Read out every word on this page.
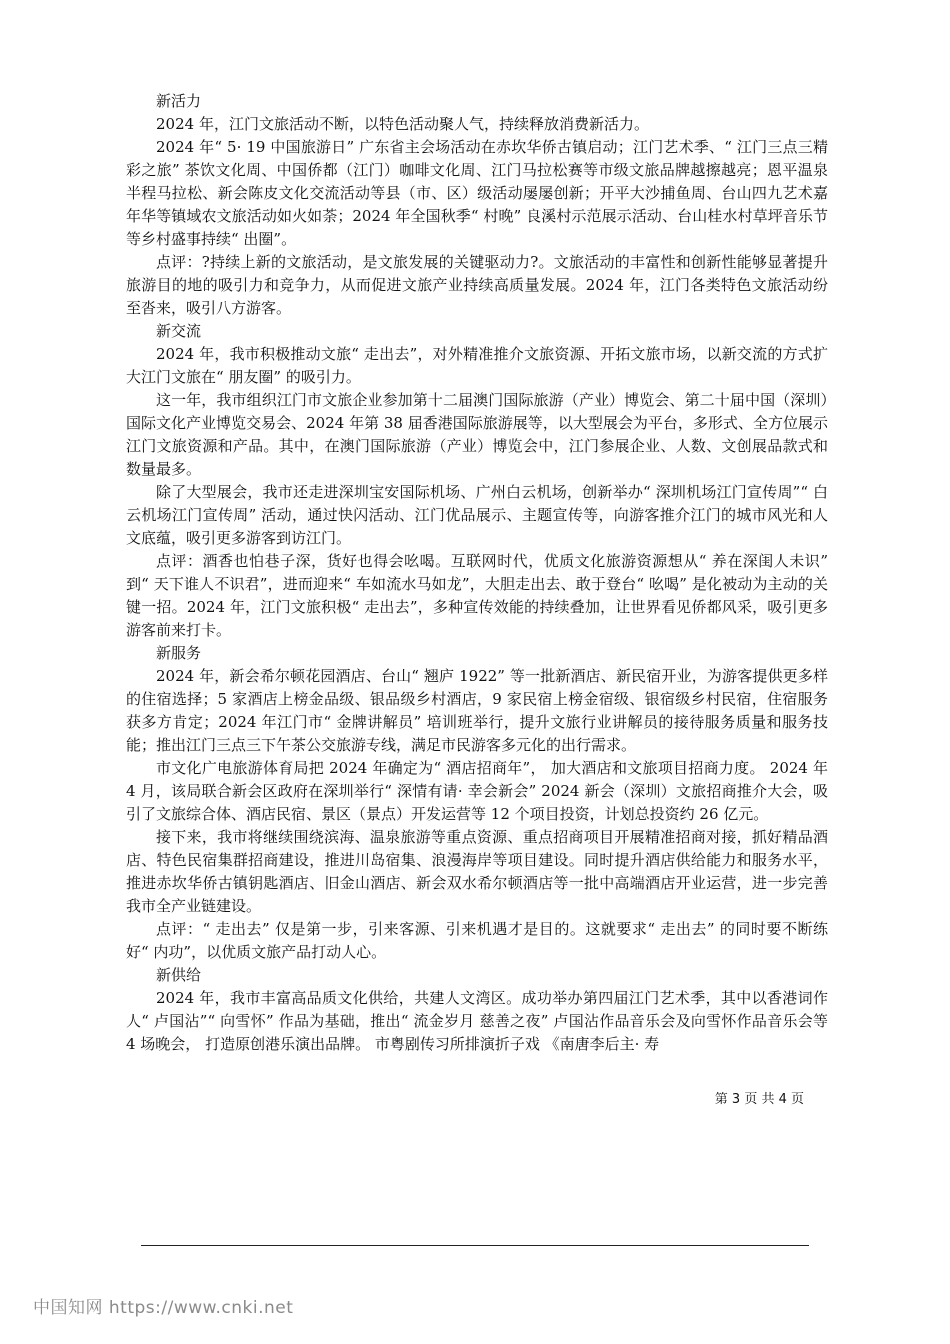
新活力

2024 年，江门文旅活动不断，以特色活动聚人气，持续释放消费新活力。

2024 年“ 5· 19 中国旅游日” 广东省主会场活动在赤坎华侨古镇启动；江门艺术季、“ 江门三点三精彩之旅” 茶饮文化周、中国侨都（江门）咖啡文化周、江门马拉松赛等市级文旅品牌越擦越亮；恩平温泉半程马拉松、新会陈皮文化交流活动等县（市、区）级活动屡屡创新；开平大沙捕鱼周、台山四九艺术嘉年华等镇域农文旅活动如火如荼；2024 年全国秋季“ 村晚” 良溪村示范展示活动、台山桂水村草坪音乐节等乡村盛事持续“ 出圈”。

点评：?持续上新的文旅活动，是文旅发展的关键驱动力?。文旅活动的丰富性和创新性能够显著提升旅游目的地的吸引力和竞争力，从而促进文旅产业持续高质量发展。2024 年，江门各类特色文旅活动纷至沓来，吸引八方游客。

新交流

2024 年，我市积极推动文旅“ 走出去”，对外精准推介文旅资源、开拓文旅市场，以新交流的方式扩大江门文旅在“ 朋友圈” 的吸引力。

这一年，我市组织江门市文旅企业参加第十二届澳门国际旅游（产业）博览会、第二十届中国（深圳）国际文化产业博览交易会、2024 年第 38 届香港国际旅游展等，以大型展会为平台，多形式、全方位展示江门文旅资源和产品。其中，在澳门国际旅游（产业）博览会中，江门参展企业、人数、文创展品款式和数量最多。

除了大型展会，我市还走进深圳宝安国际机场、广州白云机场，创新举办“ 深圳机场江门宣传周”“ 白云机场江门宣传周” 活动，通过快闪活动、江门优品展示、主题宣传等，向游客推介江门的城市风光和人文底蕴，吸引更多游客到访江门。

点评：酒香也怕巷子深，货好也得会吆喝。互联网时代，优质文化旅游资源想从“ 养在深闺人未识” 到“ 天下谁人不识君”，进而迎来“ 车如流水马如龙”，大胆走出去、敢于登台“ 吆喝” 是化被动为主动的关键一招。2024 年，江门文旅积极“ 走出去”，多种宣传效能的持续叠加，让世界看见侨都风采，吸引更多游客前来打卡。

新服务

2024 年，新会希尔顿花园酒店、台山“ 翘庐 1922” 等一批新酒店、新民宿开业，为游客提供更多样的住宿选择；5 家酒店上榜金品级、银品级乡村酒店，9 家民宿上榜金宿级、银宿级乡村民宿，住宿服务获多方肯定；2024 年江门市“ 金牌讲解员” 培训班举行，提升文旅行业讲解员的接待服务质量和服务技能；推出江门三点三下午茶公交旅游专线，满足市民游客多元化的出行需求。

市文化广电旅游体育局把 2024 年确定为“ 酒店招商年”， 加大酒店和文旅项目招商力度。 2024 年 4 月，该局联合新会区政府在深圳举行“ 深情有请· 幸会新会” 2024 新会（深圳）文旅招商推介大会，吸引了文旅综合体、酒店民宿、景区（景点）开发运营等 12 个项目投资，计划总投资约 26 亿元。

接下来，我市将继续围绕滨海、温泉旅游等重点资源、重点招商项目开展精准招商对接，抓好精品酒店、特色民宿集群招商建设，推进川岛宿集、浪漫海岸等项目建设。同时提升酒店供给能力和服务水平，推进赤坎华侨古镇钥匙酒店、旧金山酒店、新会双水希尔顿酒店等一批中高端酒店开业运营，进一步完善我市全产业链建设。

点评：“ 走出去” 仅是第一步，引来客源、引来机遇才是目的。这就要求“ 走出去” 的同时要不断练好“ 内功”，以优质文旅产品打动人心。

新供给

2024 年，我市丰富高品质文化供给，共建人文湾区。成功举办第四届江门艺术季，其中以香港词作人“ 卢国沾”“ 向雪怀” 作品为基础，推出“ 流金岁月 慈善之夜” 卢国沾作品音乐会及向雪怀作品音乐会等 4 场晚会， 打造原创港乐演出品牌。 市粤剧传习所排演折子戏 《南唐李后主· 寿

第 3 页 共 4 页
中国知网 https://www.cnki.net
